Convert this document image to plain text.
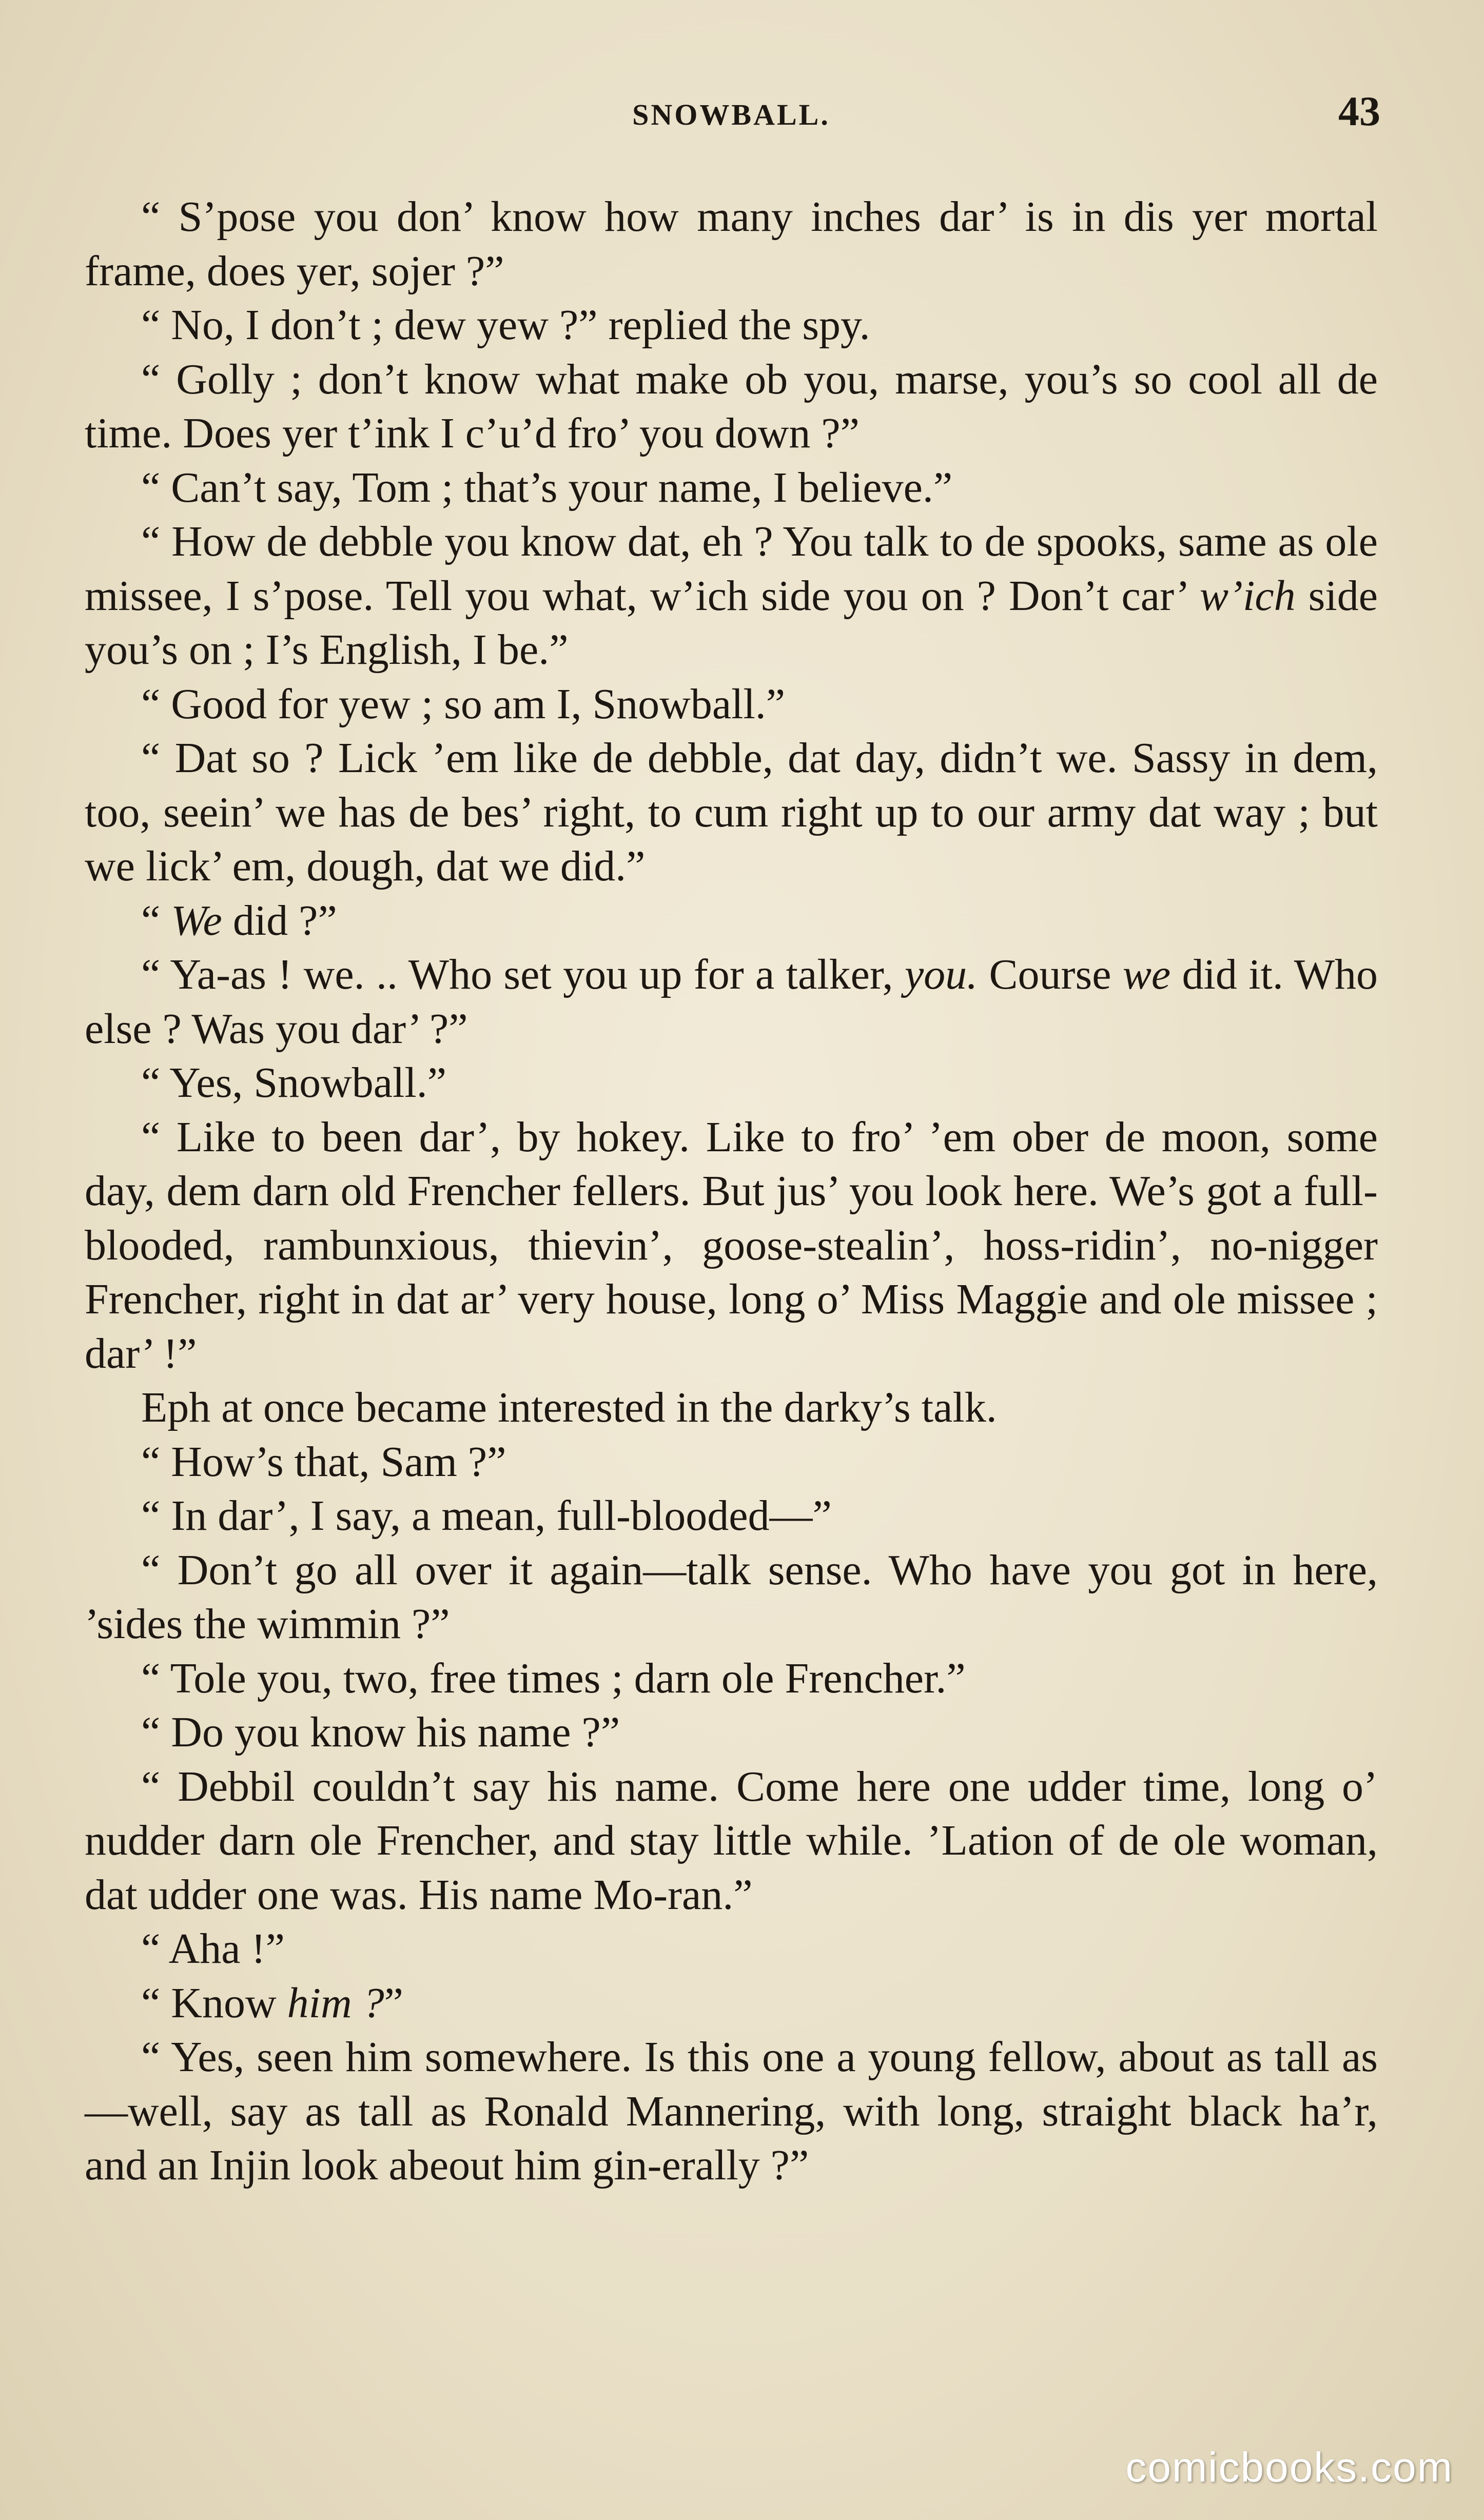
SNOWBALL.	43

“ S’pose you don’ know how many inches dar’ is in dis yer mortal frame, does yer, sojer ?”

“ No, I don’t ; dew yew ?” replied the spy.

“ Golly ; don’t know what make ob you, marse, you’s so cool all de time. Does yer t’ink I c’u’d fro’ you down ?”

“ Can’t say, Tom ; that’s your name, I believe.”

“ How de debble you know dat, eh ? You talk to de spooks, same as ole missee, I s’pose. Tell you what, w’ich side you on ? Don’t car’ w’ich side you’s on ; I’s English, I be.”

“ Good for yew ; so am I, Snowball.”

“ Dat so ? Lick ’em like de debble, dat day, didn’t we. Sassy in dem, too, seein’ we has de bes’ right, to cum right up to our army dat way ; but we lick’ em, dough, dat we did.”

“ We did ?”

“ Ya-as ! we. .. Who set you up for a talker, you. Course we did it. Who else ? Was you dar’ ?”

“ Yes, Snowball.”

“ Like to been dar’, by hokey. Like to fro’ ’em ober de moon, some day, dem darn old Frencher fellers. But jus’ you look here. We’s got a full-blooded, rambunxious, thievin’, goose-stealin’, hoss-ridin’, no-nigger Frencher, right in dat ar’ very house, long o’ Miss Maggie and ole missee ; dar’ !”

Eph at once became interested in the darky’s talk.

“ How’s that, Sam ?”

“ In dar’, I say, a mean, full-blooded—”

“ Don’t go all over it again—talk sense. Who have you got in here, ’sides the wimmin ?”

“ Tole you, two, free times ; darn ole Frencher.”

“ Do you know his name ?”

“ Debbil couldn’t say his name. Come here one udder time, long o’ nudder darn ole Frencher, and stay little while. ’Lation of de ole woman, dat udder one was. His name Mo-ran.”

“ Aha !”

“ Know him ?”

“ Yes, seen him somewhere. Is this one a young fellow, about as tall as—well, say as tall as Ronald Mannering, with long, straight black ha’r, and an Injin look abeout him gin-erally ?”

comicbooks.com
